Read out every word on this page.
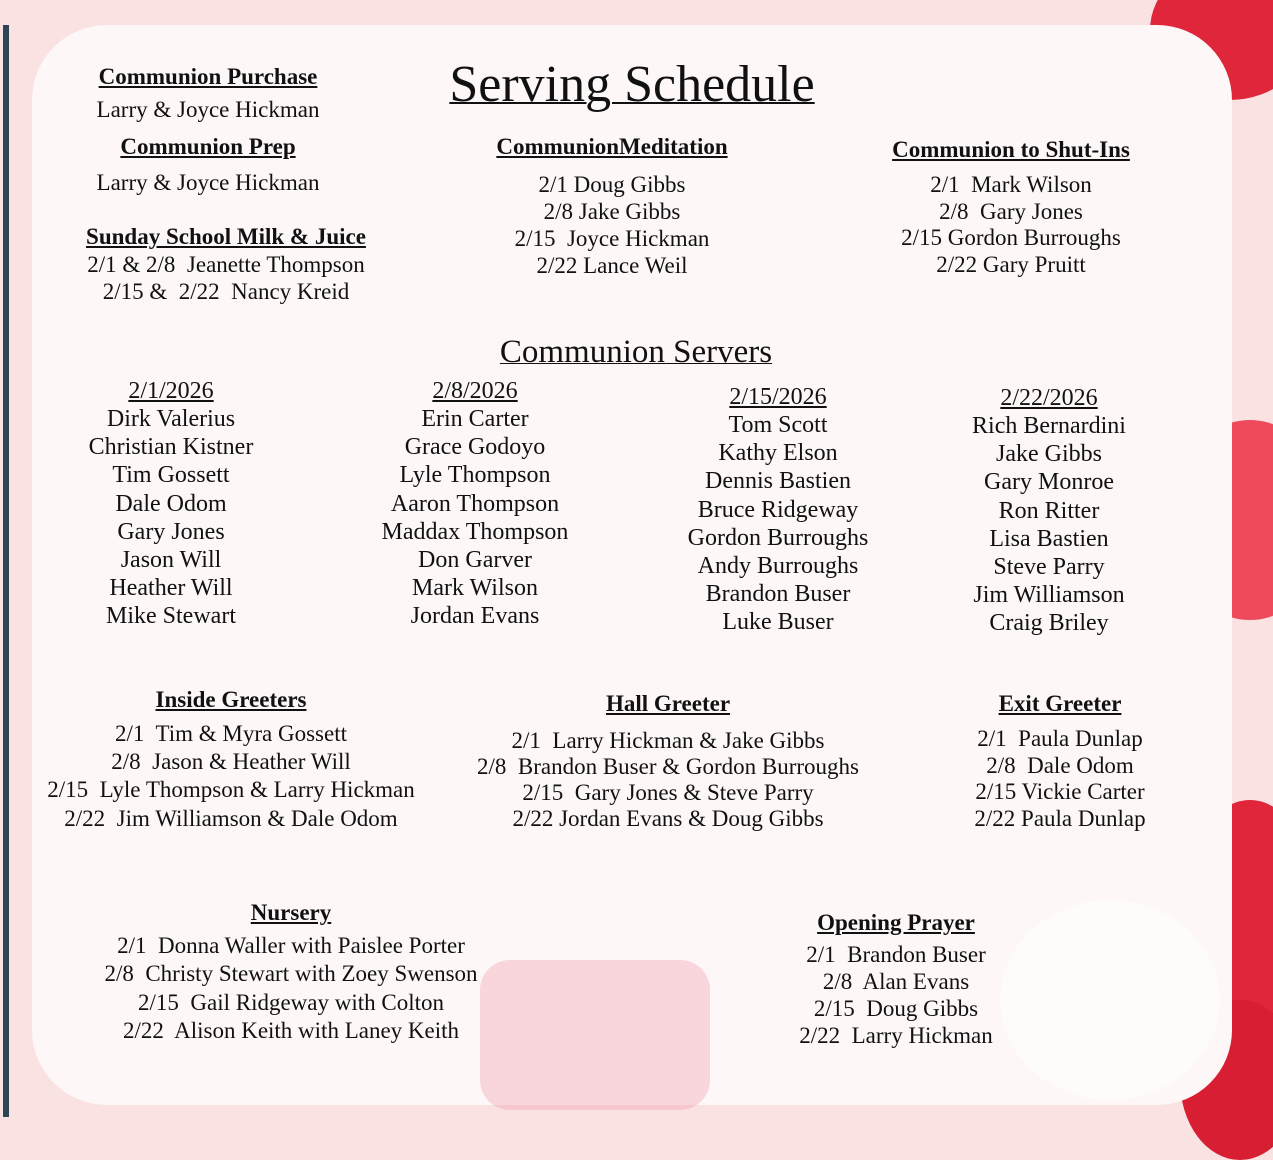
Serving Schedule
Communion Servers
Communion Purchase
Larry & Joyce Hickman
Communion Prep
Larry & Joyce Hickman
Sunday School Milk & Juice
2/1 & 2/8  Jeanette Thompson
2/15 &  2/22  Nancy Kreid
CommunionMeditation
2/1 Doug Gibbs
2/8 Jake Gibbs
2/15  Joyce Hickman
2/22 Lance Weil
Communion to Shut-Ins
2/1  Mark Wilson
2/8  Gary Jones
2/15 Gordon Burroughs
2/22 Gary Pruitt
Inside Greeters
2/1  Tim & Myra Gossett
2/8  Jason & Heather Will
2/15  Lyle Thompson & Larry Hickman
2/22  Jim Williamson & Dale Odom
Hall Greeter
2/1  Larry Hickman & Jake Gibbs
2/8  Brandon Buser & Gordon Burroughs
2/15  Gary Jones & Steve Parry
2/22 Jordan Evans & Doug Gibbs
Exit Greeter
2/1  Paula Dunlap
2/8  Dale Odom
2/15 Vickie Carter
2/22 Paula Dunlap
Nursery
2/1  Donna Waller with Paislee Porter
2/8  Christy Stewart with Zoey Swenson
2/15  Gail Ridgeway with Colton
2/22  Alison Keith with Laney Keith
Opening Prayer
2/1  Brandon Buser
2/8  Alan Evans
2/15  Doug Gibbs
2/22  Larry Hickman
2/1/2026
Dirk Valerius
Christian Kistner
Tim Gossett
Dale Odom
Gary Jones
Jason Will
Heather Will
Mike Stewart
2/8/2026
Erin Carter
Grace Godoyo
Lyle Thompson
Aaron Thompson
Maddax Thompson
Don Garver
Mark Wilson
Jordan Evans
2/15/2026
Tom Scott
Kathy Elson
Dennis Bastien
Bruce Ridgeway
Gordon Burroughs
Andy Burroughs
Brandon Buser
Luke Buser
2/22/2026
Rich Bernardini
Jake Gibbs
Gary Monroe
Ron Ritter
Lisa Bastien
Steve Parry
Jim Williamson
Craig Briley
